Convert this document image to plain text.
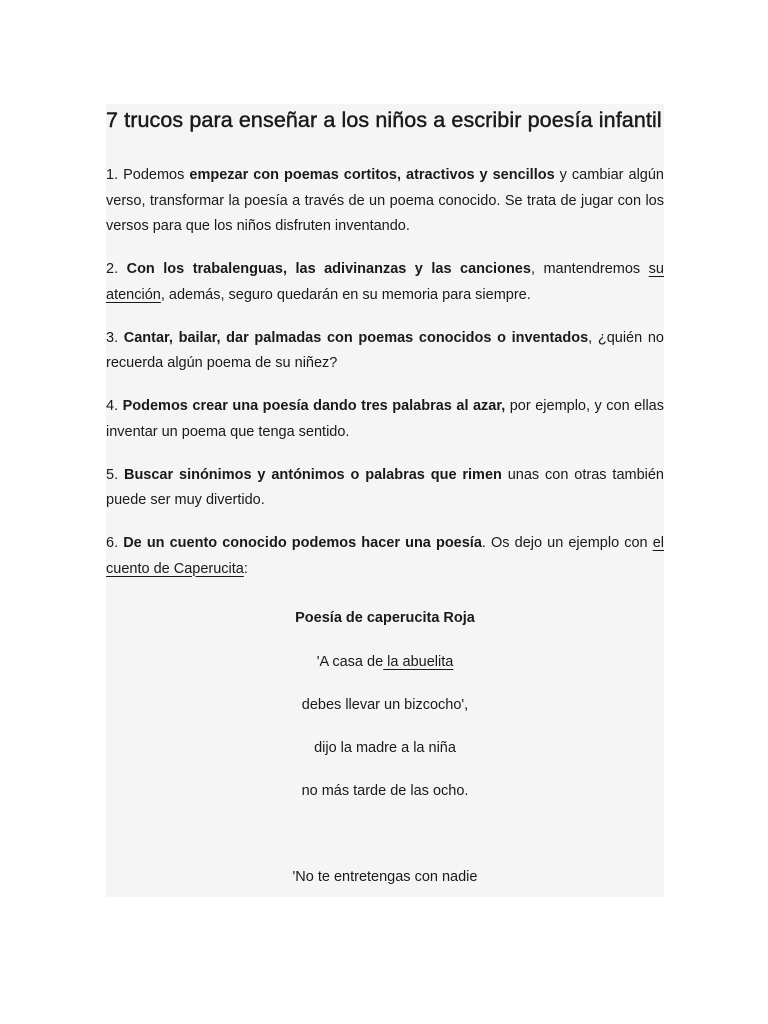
7 trucos para enseñar a los niños a escribir poesía infantil

1. Podemos empezar con poemas cortitos, atractivos y sencillos y cambiar algún verso, transformar la poesía a través de un poema conocido. Se trata de jugar con los versos para que los niños disfruten inventando.

2. Con los trabalenguas, las adivinanzas y las canciones, mantendremos su atención, además, seguro quedarán en su memoria para siempre.

3. Cantar, bailar, dar palmadas con poemas conocidos o inventados, ¿quién no recuerda algún poema de su niñez?

4. Podemos crear una poesía dando tres palabras al azar, por ejemplo, y con ellas inventar un poema que tenga sentido.

5. Buscar sinónimos y antónimos o palabras que rimen unas con otras también puede ser muy divertido.

6. De un cuento conocido podemos hacer una poesía. Os dejo un ejemplo con el cuento de Caperucita:

Poesía de caperucita Roja

'A casa de la abuelita

debes llevar un bizcocho',

dijo la madre a la niña

no más tarde de las ocho.

'No te entretengas con nadie
